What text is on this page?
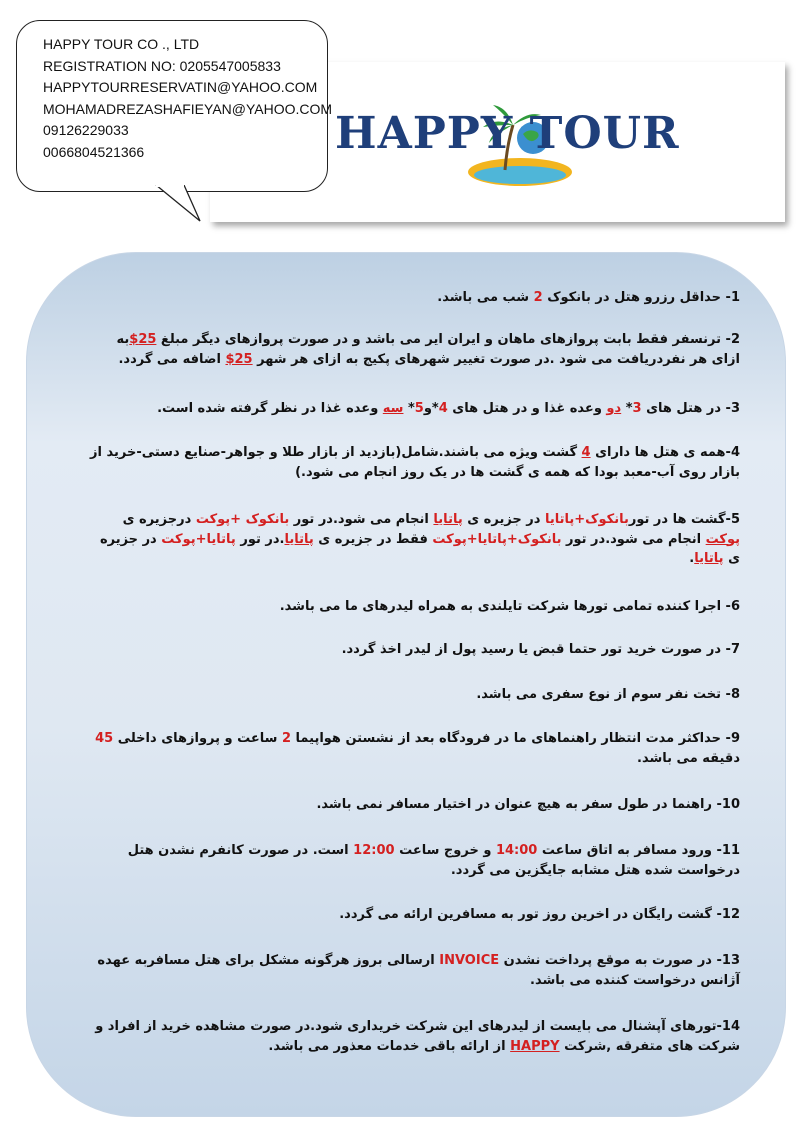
HAPPY TOUR
HAPPY TOUR CO ., LTD
REGISTRATION NO: 0205547005833
HAPPYTOURRESERVATIN@YAHOO.COM
MOHAMADREZASHAFIEYAN@YAHOO.COM
09126229033
0066804521366
1- حداقل رزرو هتل در بانکوک 2 شب می باشد.
2- ترنسفر فقط بابت پروازهای ماهان و ایران ایر می باشد و در صورت پروازهای دیگر مبلغ 25$به ازای هر نفردریافت می شود .در صورت تغییر شهرهای پکیج به ازای هر شهر 25$ اضافه می گردد.
3- در هتل های 3* دو وعده غذا و در هتل های 4*و5* سه وعده غذا در نظر گرفته شده است.
4-همه ی هتل ها دارای 4 گشت ویژه می باشند.شامل(بازدید از بازار طلا و جواهر-صنایع دستی-خرید از بازار روی آب-معبد بودا که همه ی گشت ها در یک روز انجام می شود.)
5-گشت ها در توربانکوک+پاتایا در جزیره ی پاتایا انجام می شود.در تور بانکوک +پوکت درجزیره ی پوکت انجام می شود.در تور بانکوک+پاتایا+پوکت فقط در جزیره ی پاتایا.در تور پاتایا+پوکت در جزیره ی پاتایا.
6- اجرا کننده تمامی تورها شرکت تایلندی به همراه لیدرهای ما می باشد.
7- در صورت خرید تور حتما قبض یا رسید پول از لیدر اخذ گردد.
8- تخت نفر سوم از نوع سفری می باشد.
9- حداکثر مدت انتظار راهنماهای ما در فرودگاه بعد از نشستن هواپیما 2 ساعت و پروازهای داخلی 45 دقیقه می باشد.
10- راهنما در طول سفر به هیچ عنوان در اختیار مسافر نمی باشد.
11- ورود مسافر به اتاق ساعت 14:00 و خروج ساعت 12:00 است. در صورت کانفرم نشدن هتل درخواست شده هتل مشابه جایگزین می گردد.
12- گشت رایگان در اخرین روز تور به مسافرین ارائه می گردد.
13- در صورت به موقع پرداخت نشدن INVOICE ارسالی بروز هرگونه مشکل برای هتل مسافربه عهده آژانس درخواست کننده می باشد.
14-تورهای آپشنال می بایست از لیدرهای این شرکت خریداری شود.در صورت مشاهده خرید از افراد و شرکت های متفرقه ,شرکت HAPPY از ارائه باقی خدمات معذور می باشد.
